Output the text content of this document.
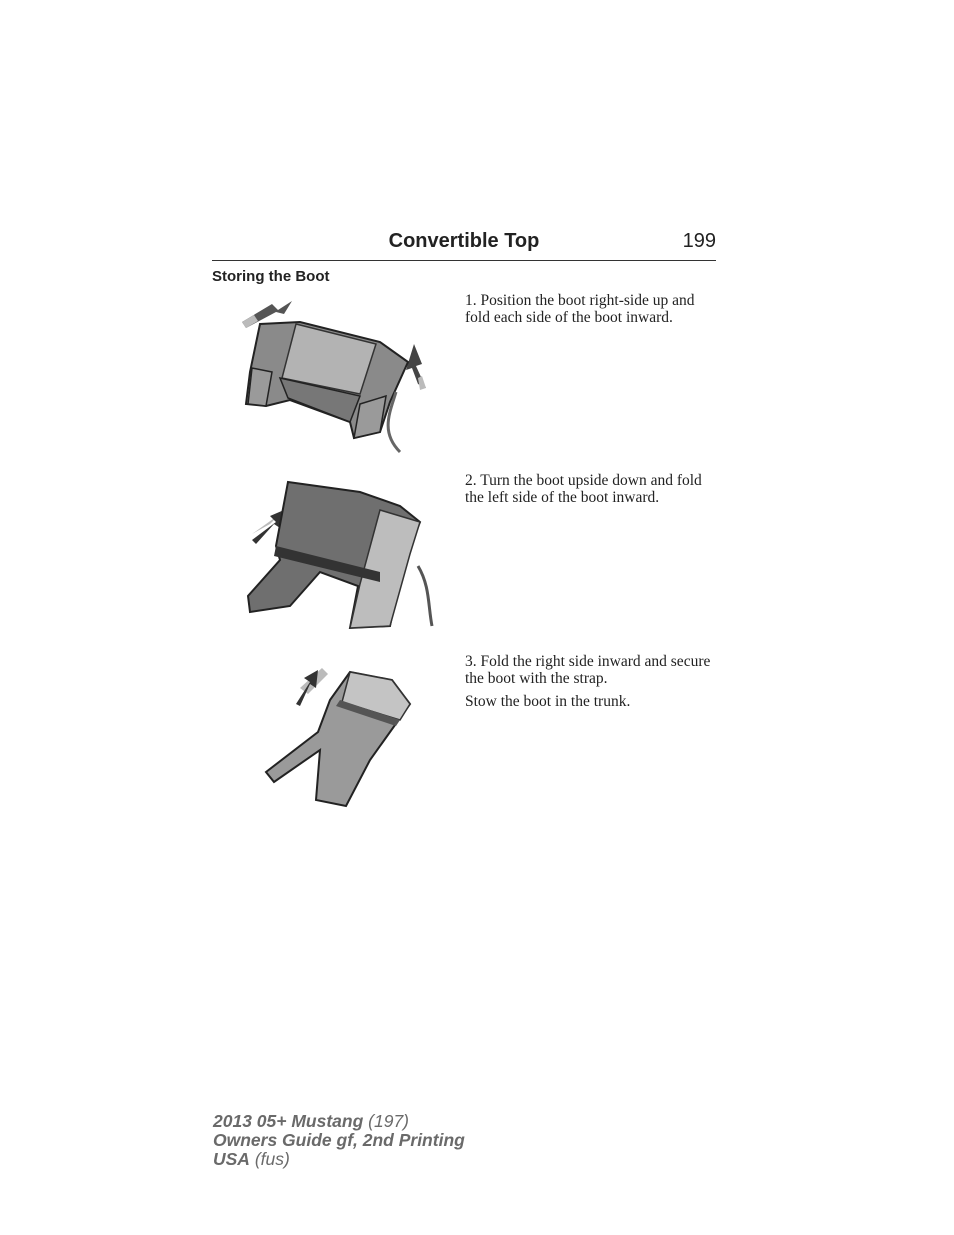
Convertible Top	199
Storing the Boot

1. Position the boot right-side up and fold each side of the boot inward.

2. Turn the boot upside down and fold the left side of the boot inward.

3. Fold the right side inward and secure the boot with the strap.

Stow the boot in the trunk.

2013 05+ Mustang (197)
Owners Guide gf, 2nd Printing
USA (fus)
